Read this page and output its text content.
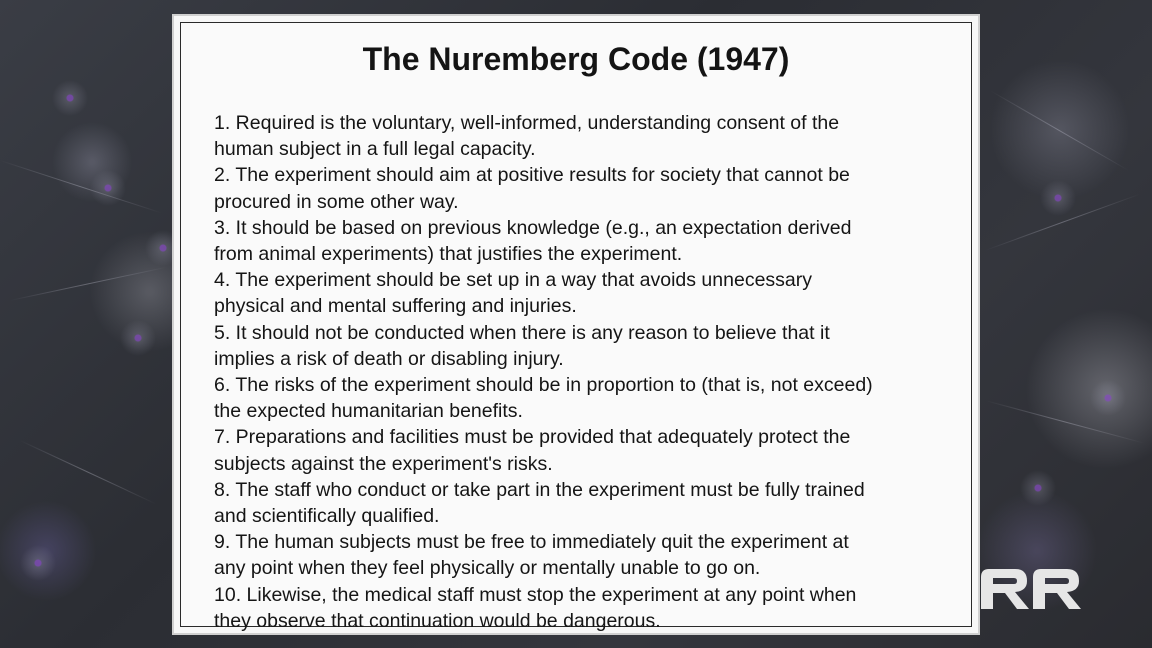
The Nuremberg Code (1947)
1. Required is the voluntary, well-informed, understanding consent of the
human subject in a full legal capacity.
2. The experiment should aim at positive results for society that cannot be
procured in some other way.
3. It should be based on previous knowledge (e.g., an expectation derived
from animal experiments) that justifies the experiment.
4. The experiment should be set up in a way that avoids unnecessary
physical and mental suffering and injuries.
5. It should not be conducted when there is any reason to believe that it
implies a risk of death or disabling injury.
6. The risks of the experiment should be in proportion to (that is, not exceed)
the expected humanitarian benefits.
7. Preparations and facilities must be provided that adequately protect the
subjects against the experiment's risks.
8. The staff who conduct or take part in the experiment must be fully trained
and scientifically qualified.
9. The human subjects must be free to immediately quit the experiment at
any point when they feel physically or mentally unable to go on.
10. Likewise, the medical staff must stop the experiment at any point when
they observe that continuation would be dangerous.
